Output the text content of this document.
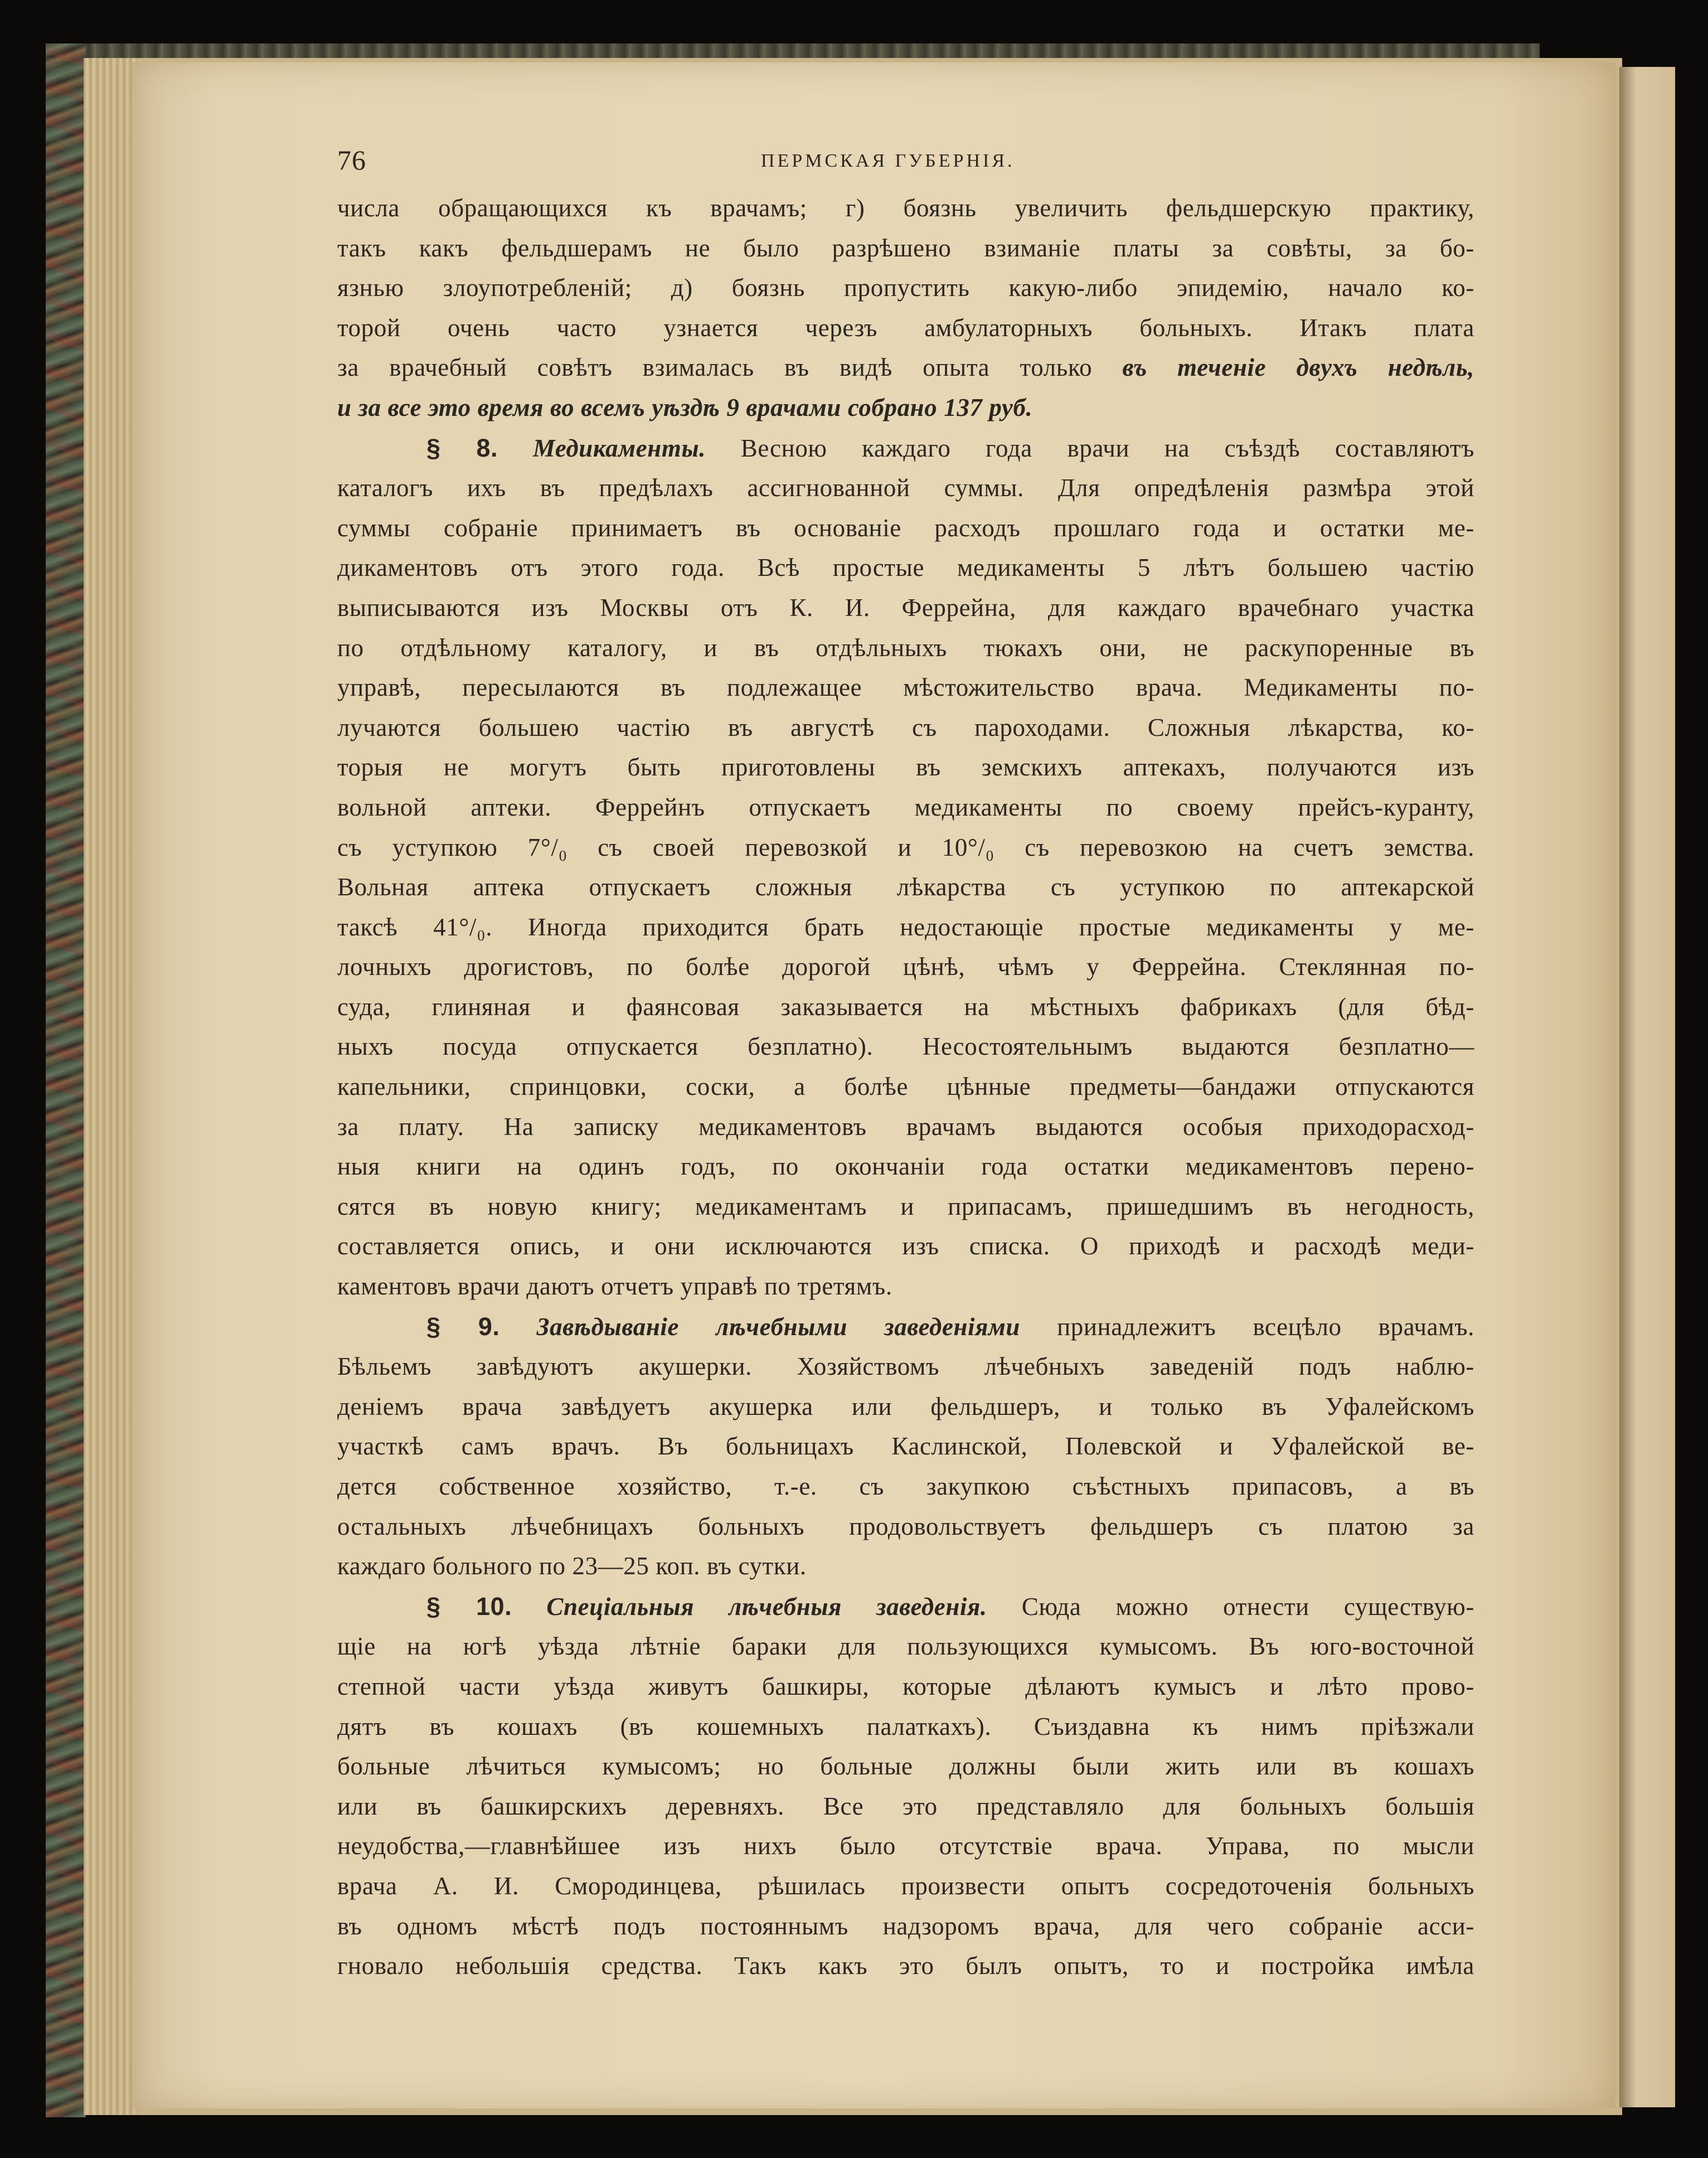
76	ПЕРМСКАЯ ГУБЕРНІЯ.
числа обращающихся къ врачамъ; г) боязнь увеличить фельдшерскую практику,
такъ какъ фельдшерамъ не было разрѣшено взиманіе платы за совѣты, за бо-
язнью злоупотребленій; д) боязнь пропустить какую-либо эпидемію, начало ко-
торой очень часто узнается черезъ амбулаторныхъ больныхъ. Итакъ плата
за врачебный совѣтъ взималась въ видѣ опыта только въ теченіе двухъ недѣль,
и за все это время во всемъ уѣздѣ 9 врачами собрано 137 руб.
§ 8. Медикаменты. Весною каждаго года врачи на съѣздѣ составляютъ
каталогъ ихъ въ предѣлахъ ассигнованной суммы. Для опредѣленія размѣра этой
суммы собраніе принимаетъ въ основаніе расходъ прошлаго года и остатки ме-
дикаментовъ отъ этого года. Всѣ простые медикаменты 5 лѣтъ большею частію
выписываются изъ Москвы отъ К. И. Феррейна, для каждаго врачебнаго участка
по отдѣльному каталогу, и въ отдѣльныхъ тюкахъ они, не раскупоренные въ
управѣ, пересылаются въ подлежащее мѣстожительство врача. Медикаменты по-
лучаются большею частію въ августѣ съ пароходами. Сложныя лѣкарства, ко-
торыя не могутъ быть приготовлены въ земскихъ аптекахъ, получаются изъ
вольной аптеки. Феррейнъ отпускаетъ медикаменты по своему прейсъ-куранту,
съ уступкою 7°/₀ съ своей перевозкой и 10°/₀ съ перевозкою на счетъ земства.
Вольная аптека отпускаетъ сложныя лѣкарства съ уступкою по аптекарской
таксѣ 41°/₀. Иногда приходится брать недостающіе простые медикаменты у ме-
лочныхъ дрогистовъ, по болѣе дорогой цѣнѣ, чѣмъ у Феррейна. Стеклянная по-
суда, глиняная и фаянсовая заказывается на мѣстныхъ фабрикахъ (для бѣд-
ныхъ посуда отпускается безплатно). Несостоятельнымъ выдаются безплатно—
капельники, спринцовки, соски, а болѣе цѣнные предметы—бандажи отпускаются
за плату. На записку медикаментовъ врачамъ выдаются особыя приходорасход-
ныя книги на одинъ годъ, по окончаніи года остатки медикаментовъ перено-
сятся въ новую книгу; медикаментамъ и припасамъ, пришедшимъ въ негодность,
составляется опись, и они исключаются изъ списка. О приходѣ и расходѣ меди-
каментовъ врачи даютъ отчетъ управѣ по третямъ.
§ 9. Завѣдываніе лѣчебными заведеніями принадлежитъ всецѣло врачамъ.
Бѣльемъ завѣдуютъ акушерки. Хозяйствомъ лѣчебныхъ заведеній подъ наблю-
деніемъ врача завѣдуетъ акушерка или фельдшеръ, и только въ Уфалейскомъ
участкѣ самъ врачъ. Въ больницахъ Каслинской, Полевской и Уфалейской ве-
дется собственное хозяйство, т.-е. съ закупкою съѣстныхъ припасовъ, а въ
остальныхъ лѣчебницахъ больныхъ продовольствуетъ фельдшеръ съ платою за
каждаго больного по 23—25 коп. въ сутки.
§ 10. Спеціальныя лѣчебныя заведенія. Сюда можно отнести существую-
щіе на югѣ уѣзда лѣтніе бараки для пользующихся кумысомъ. Въ юго-восточной
степной части уѣзда живутъ башкиры, которые дѣлаютъ кумысъ и лѣто прово-
дятъ въ кошахъ (въ кошемныхъ палаткахъ). Съиздавна къ нимъ пріѣзжали
больные лѣчиться кумысомъ; но больные должны были жить или въ кошахъ
или въ башкирскихъ деревняхъ. Все это представляло для больныхъ большія
неудобства,—главнѣйшее изъ нихъ было отсутствіе врача. Управа, по мысли
врача А. И. Смородинцева, рѣшилась произвести опытъ сосредоточенія больныхъ
въ одномъ мѣстѣ подъ постояннымъ надзоромъ врача, для чего собраніе асси-
гновало небольшія средства. Такъ какъ это былъ опытъ, то и постройка имѣла
